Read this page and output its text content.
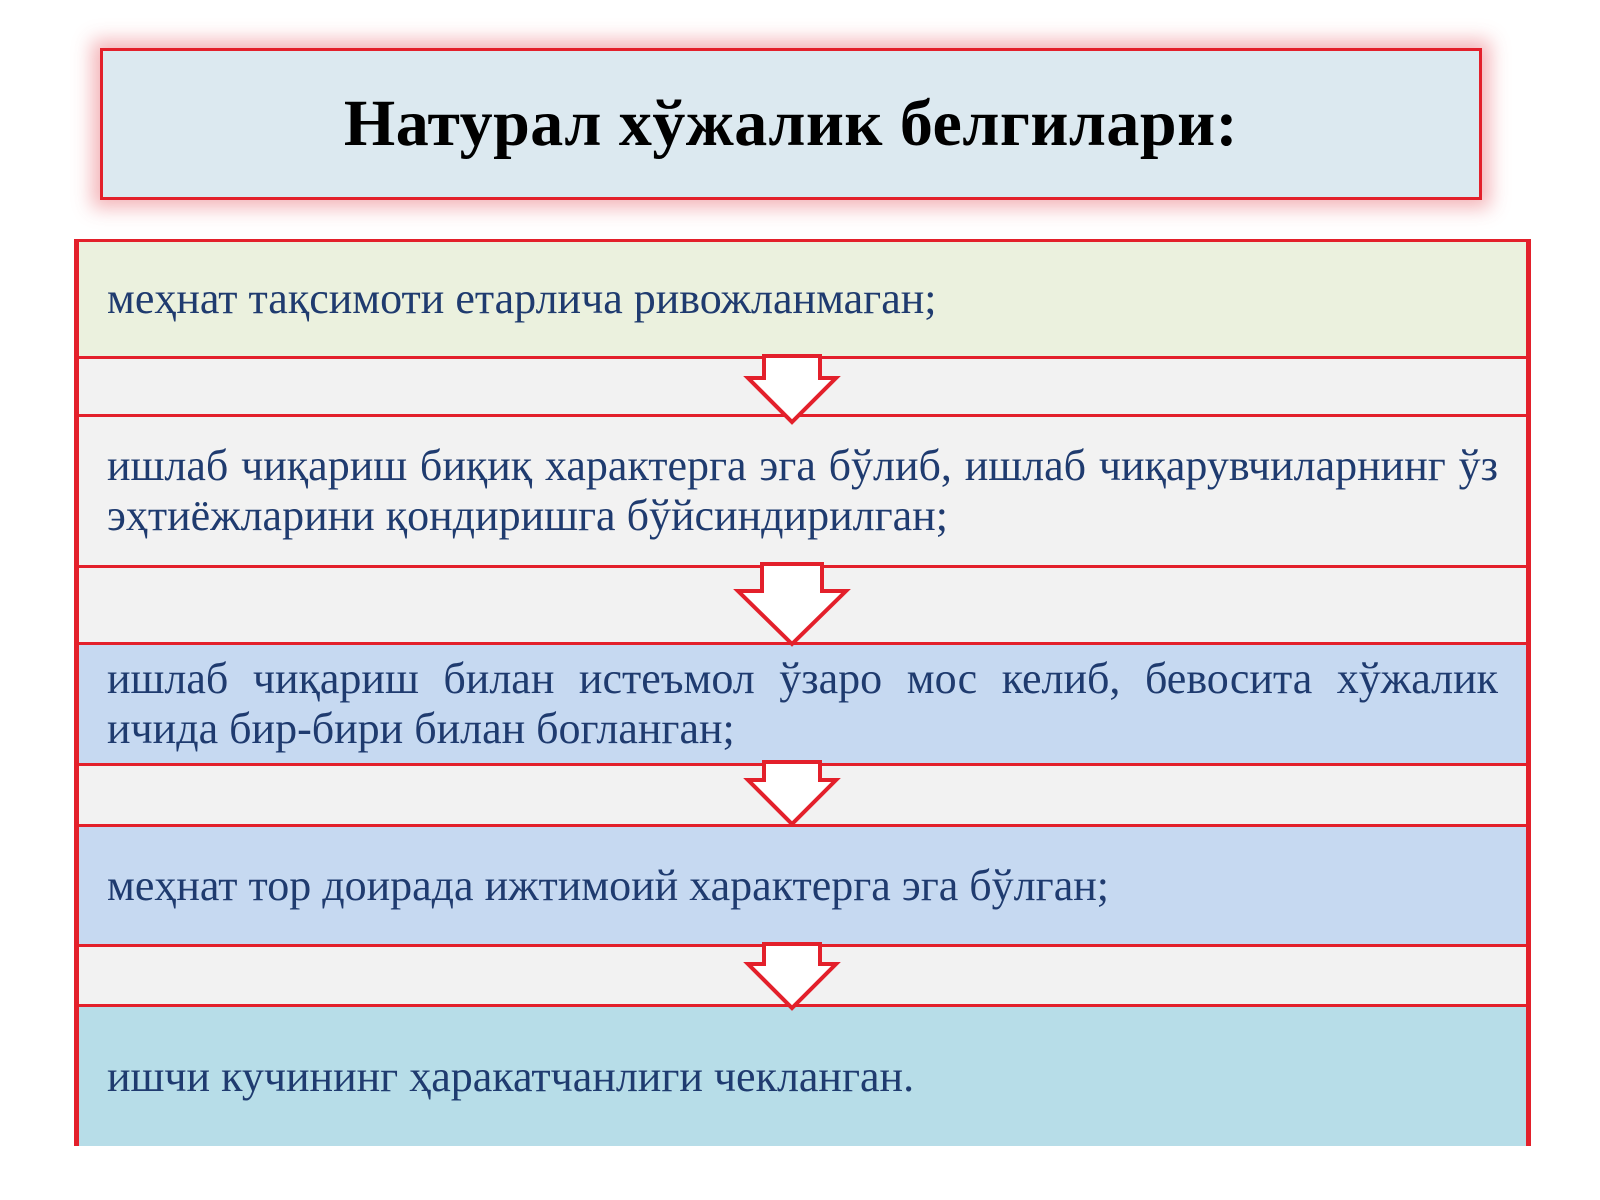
Натурал хўжалик белгилари:

меҳнат тақсимоти етарлича ривожланмаган;

ишлаб чиқариш биқиқ характерга эга бўлиб, ишлаб чиқарувчиларнинг ўз эҳтиёжларини қондиришга бўйсиндирилган;

ишлаб чиқариш билан истеъмол ўзаро мос келиб, бевосита хўжалик ичида бир-бири билан богланган;

меҳнат тор доирада ижтимоий характерга эга бўлган;

ишчи кучининг ҳаракатчанлиги чекланган.
